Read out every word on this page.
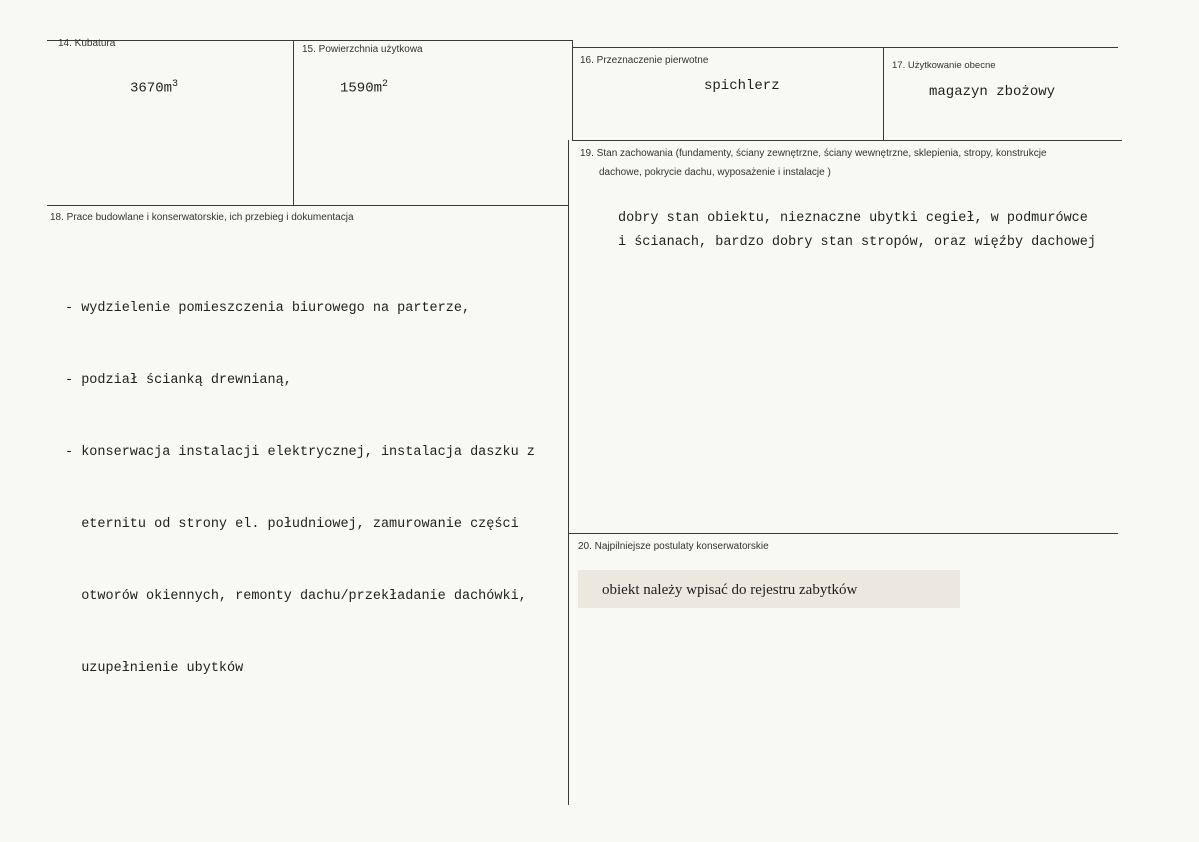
14. Kubatura
$3670m^3$
15. Powierzchnia użytkowa
$1590m^2$
16. Przeznaczenie pierwotne
spichlerz
17. Użytkowanie obecne
magazyn zbożowy
19. Stan zachowania (fundamenty, ściany zewnętrzne, ściany wewnętrzne, sklepienia, stropy, konstrukcje
dachowe, pokrycie dachu, wyposażenie i instalacje )
dobry stan obiektu, nieznaczne ubytki cegieł, w podmurówce
i ścianach, bardzo dobry stan stropów, oraz więźby dachowej
18. Prace budowlane i konserwatorskie, ich przebieg i dokumentacja

- wydzielenie pomieszczenia biurowego na parterze,

- podział ścianką drewnianą,

- konserwacja instalacji elektrycznej, instalacja daszku z

eternitu od strony el. południowej, zamurowanie części

otworów okiennych, remonty dachu/przekładanie dachówki,

uzupełnienie ubytków

20. Najpilniejsze postulaty konserwatorskie
obiekt należy wpisać do rejestru zabytków
